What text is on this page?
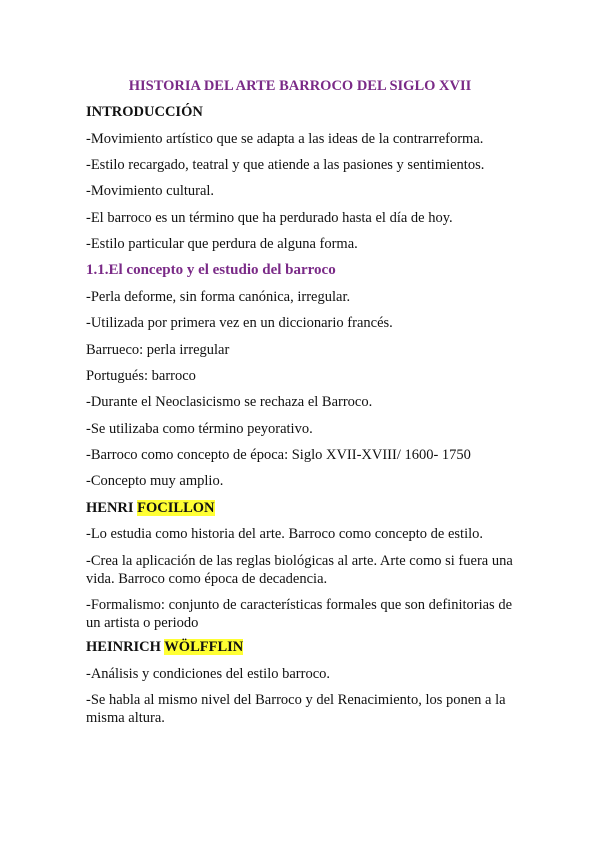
HISTORIA DEL ARTE BARROCO DEL SIGLO XVII
INTRODUCCIÓN
-Movimiento artístico que se adapta a las ideas de la contrarreforma.
-Estilo recargado, teatral y que atiende a las pasiones y sentimientos.
-Movimiento cultural.
-El barroco es un término que ha perdurado hasta el día de hoy.
-Estilo particular que perdura de alguna forma.
1.1.El concepto y el estudio del barroco
-Perla deforme, sin forma canónica, irregular.
-Utilizada por primera vez en un diccionario francés.
Barrueco: perla irregular
Portugués: barroco
-Durante el Neoclasicismo se rechaza el Barroco.
-Se utilizaba como término peyorativo.
-Barroco como concepto de época: Siglo XVII-XVIII/ 1600- 1750
-Concepto muy amplio.
HENRI FOCILLON
-Lo estudia como historia del arte. Barroco como concepto de estilo.
-Crea la aplicación de las reglas biológicas al arte. Arte como si fuera una vida. Barroco como época de decadencia.
-Formalismo: conjunto de características formales que son definitorias de un artista o periodo
HEINRICH WÖLFFLIN
-Análisis y condiciones del estilo barroco.
-Se habla al mismo nivel del Barroco y del Renacimiento, los ponen a la misma altura.
